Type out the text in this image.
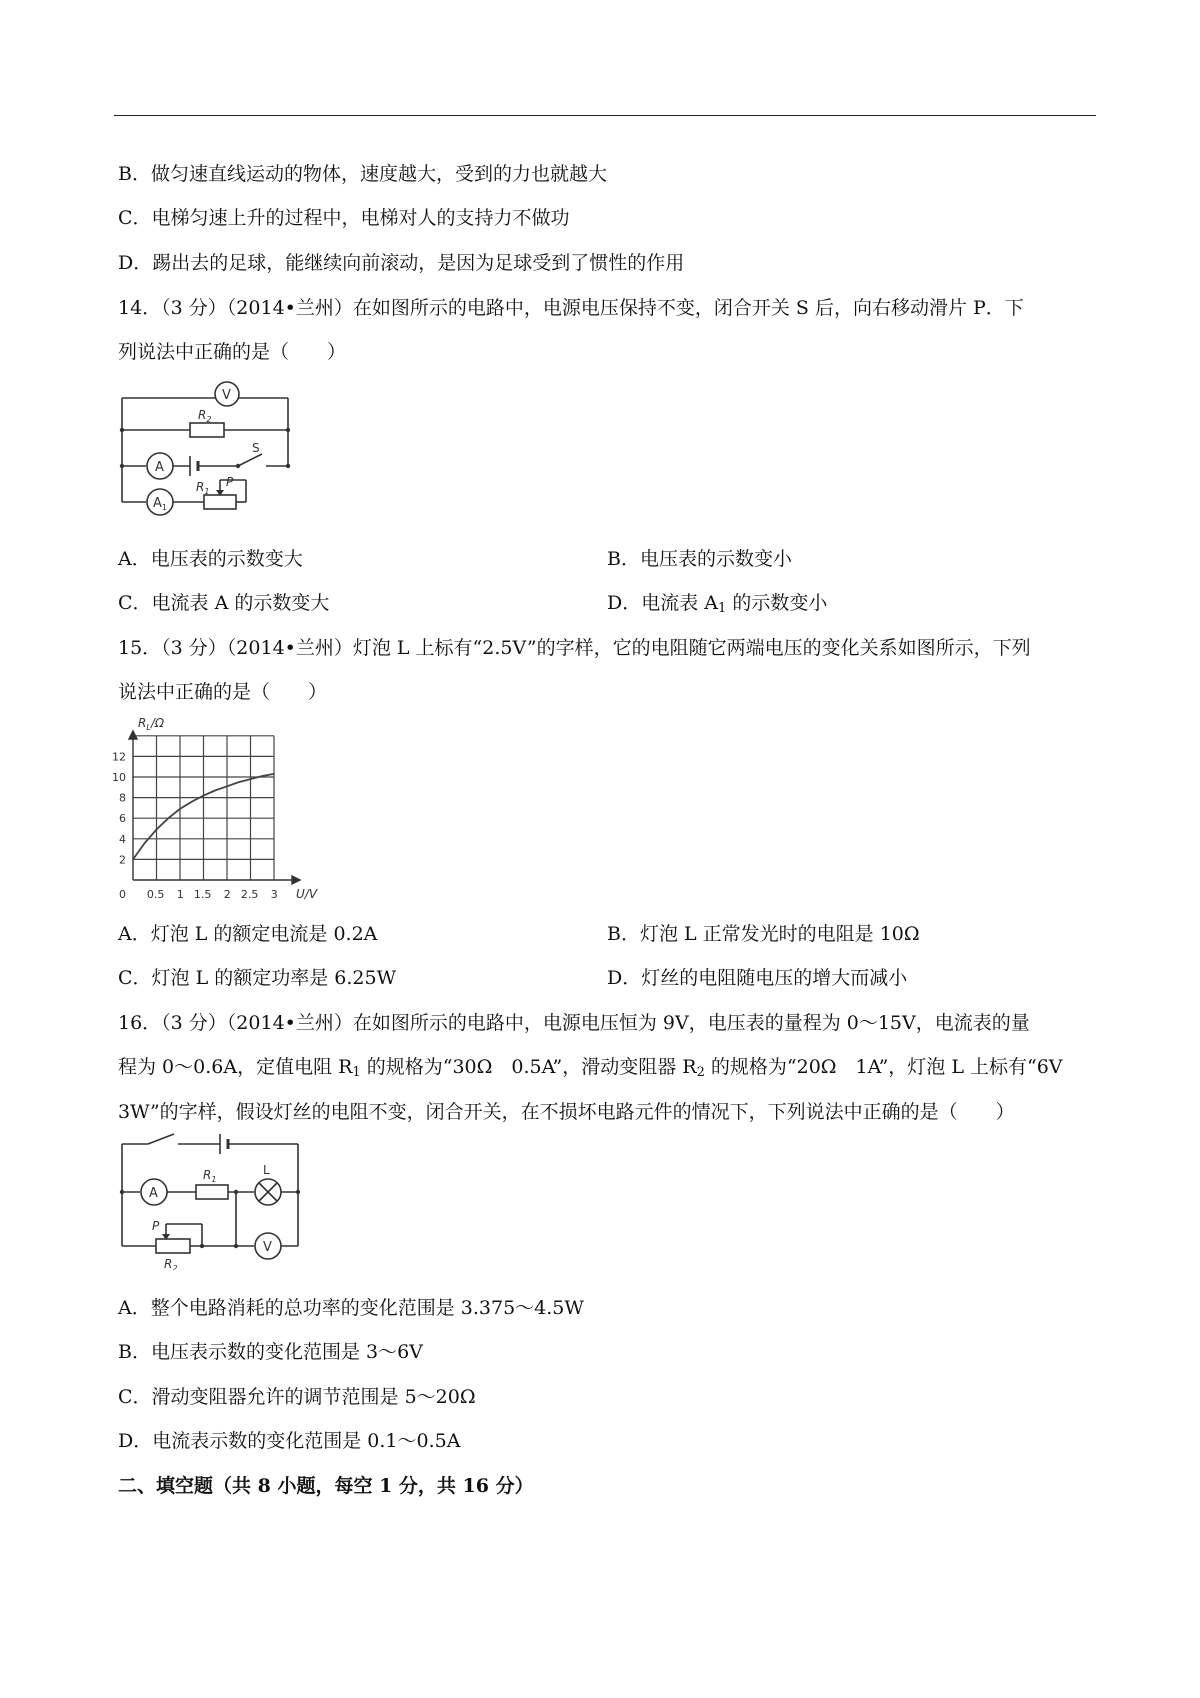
B．做匀速直线运动的物体，速度越大，受到的力也就越大
C．电梯匀速上升的过程中，电梯对人的支持力不做功
D．踢出去的足球，能继续向前滚动，是因为足球受到了惯性的作用
14．（3 分）（2014•兰州）在如图所示的电路中，电源电压保持不变，闭合开关 S 后，向右移动滑片 P．下
列说法中正确的是（　　）
V
$R_2$
A
S
$R_1$
P
$A_1$
A．电压表的示数变大	B．电压表的示数变小
C．电流表 A 的示数变大	D．电流表 $A_1$ 的示数变小
15．（3 分）（2014•兰州）灯泡 L 上标有“2.5V”的字样，它的电阻随它两端电压的变化关系如图所示，下列
说法中正确的是（　　）
0 0.5 1 1.5 2 2.5 3
2
4
6
8
10
12
$R_L/\Omega$
U/V
A．灯泡 L 的额定电流是 0.2A	B．灯泡 L 正常发光时的电阻是 10Ω
C．灯泡 L 的额定功率是 6.25W	D．灯丝的电阻随电压的增大而减小
16．（3 分）（2014•兰州）在如图所示的电路中，电源电压恒为 9V，电压表的量程为 0～15V，电流表的量
程为 0～0.6A，定值电阻 $R_1$ 的规格为“30Ω　0.5A”，滑动变阻器 $R_2$ 的规格为“20Ω　1A”，灯泡 L 上标有“6V
3W”的字样，假设灯丝的电阻不变，闭合开关，在不损坏电路元件的情况下，下列说法中正确的是（　　）
A
$R_1$
L
P
V
$R_2$
A．整个电路消耗的总功率的变化范围是 3.375～4.5W
B．电压表示数的变化范围是 3～6V
C．滑动变阻器允许的调节范围是 5～20Ω
D．电流表示数的变化范围是 0.1～0.5A
二、填空题（共 8 小题，每空 1 分，共 16 分）
